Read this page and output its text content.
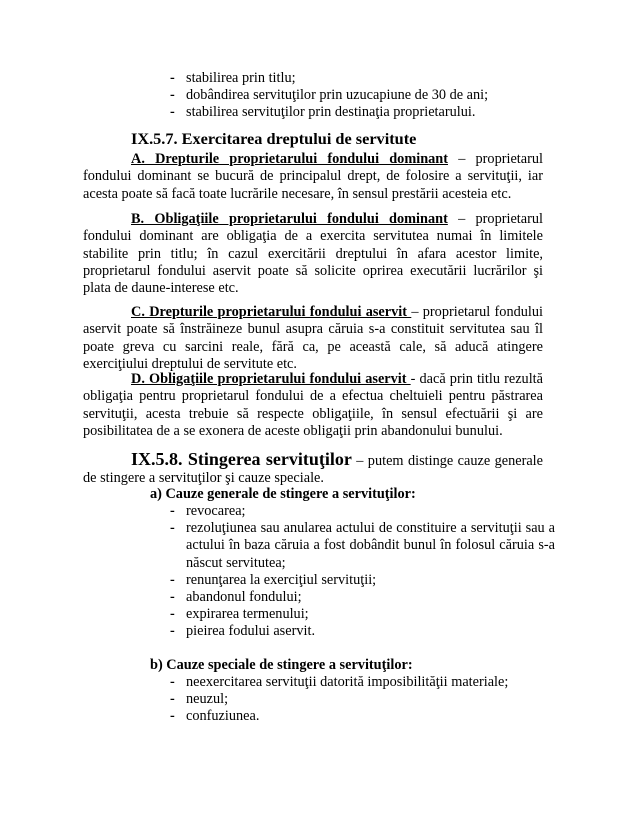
- stabilirea prin titlu;
- dobândirea servituţilor prin uzucapiune de 30 de ani;
- stabilirea servituţilor prin destinaţia proprietarului.
IX.5.7. Exercitarea dreptului de servitute
A. Drepturile proprietarului fondului dominant – proprietarul fondului dominant se bucură de principalul drept, de folosire a servituţii, iar acesta poate să facă toate lucrările necesare, în sensul prestării acesteia etc.
B. Obligaţiile proprietarului fondului dominant – proprietarul fondului dominant are obligaţia de a exercita servitutea numai în limitele stabilite prin titlu; în cazul exercitării dreptului în afara acestor limite, proprietarul fondului aservit poate să solicite oprirea executării lucrărilor şi plata de daune-interese etc.
C. Drepturile proprietarului fondului aservit – proprietarul fondului aservit poate să înstrăineze bunul asupra căruia s-a constituit servitutea sau îl poate greva cu sarcini reale, fără ca, pe această cale, să aducă atingere exerciţiului dreptului de servitute etc.
D. Obligaţiile proprietarului fondului aservit - dacă prin titlu rezultă obligaţia pentru proprietarul fondului de a efectua cheltuieli pentru păstrarea servituţii, acesta trebuie să respecte obligaţiile, în sensul efectuării şi are posibilitatea de a se exonera de aceste obligaţii prin abandonului bunului.
IX.5.8. Stingerea servituţilor – putem distinge cauze generale de stingere a servituţilor şi cauze speciale.
a) Cauze generale de stingere a servituţilor:
- revocarea;
- rezoluţiunea sau anularea actului de constituire a servituţii sau a actului în baza căruia a fost dobândit bunul în folosul căruia s-a născut servitutea;
- renunţarea la exerciţiul servituţii;
- abandonul fondului;
- expirarea termenului;
- pieirea fodului aservit.
b) Cauze speciale de stingere a servituţilor:
- neexercitarea servituţii datorită imposibilităţii materiale;
- neuzul;
- confuziunea.
